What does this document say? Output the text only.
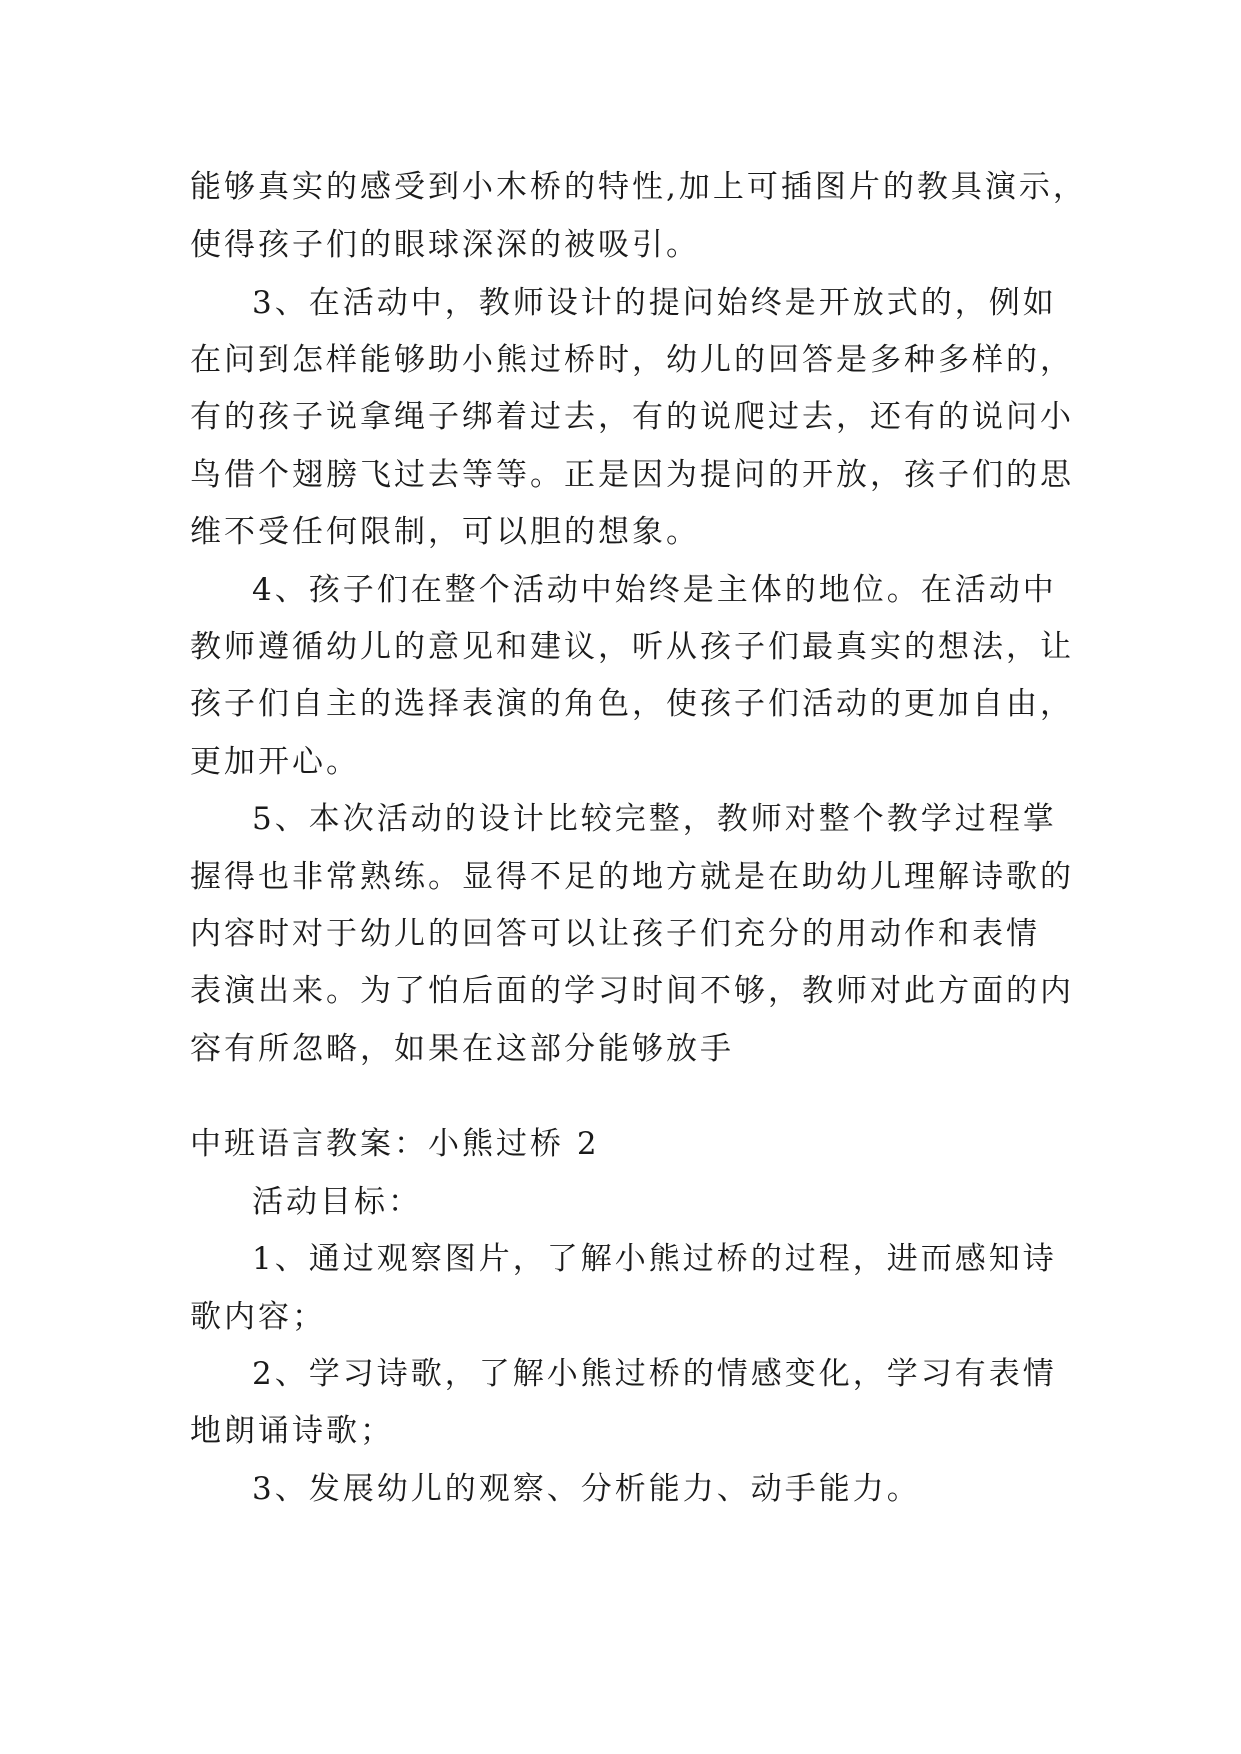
能够真实的感受到小木桥的特性,加上可插图片的教具演示，
使得孩子们的眼球深深的被吸引。
3、在活动中，教师设计的提问始终是开放式的，例如
在问到怎样能够助小熊过桥时，幼儿的回答是多种多样的，
有的孩子说拿绳子绑着过去，有的说爬过去，还有的说问小
鸟借个翅膀飞过去等等。正是因为提问的开放，孩子们的思
维不受任何限制，可以胆的想象。
4、孩子们在整个活动中始终是主体的地位。在活动中
教师遵循幼儿的意见和建议，听从孩子们最真实的想法，让
孩子们自主的选择表演的角色，使孩子们活动的更加自由，
更加开心。
5、本次活动的设计比较完整，教师对整个教学过程掌
握得也非常熟练。显得不足的地方就是在助幼儿理解诗歌的
内容时对于幼儿的回答可以让孩子们充分的用动作和表情
表演出来。为了怕后面的学习时间不够，教师对此方面的内
容有所忽略，如果在这部分能够放手
中班语言教案：小熊过桥 2
活动目标：
1、通过观察图片，了解小熊过桥的过程，进而感知诗
歌内容；
2、学习诗歌，了解小熊过桥的情感变化，学习有表情
地朗诵诗歌；
3、发展幼儿的观察、分析能力、动手能力。
